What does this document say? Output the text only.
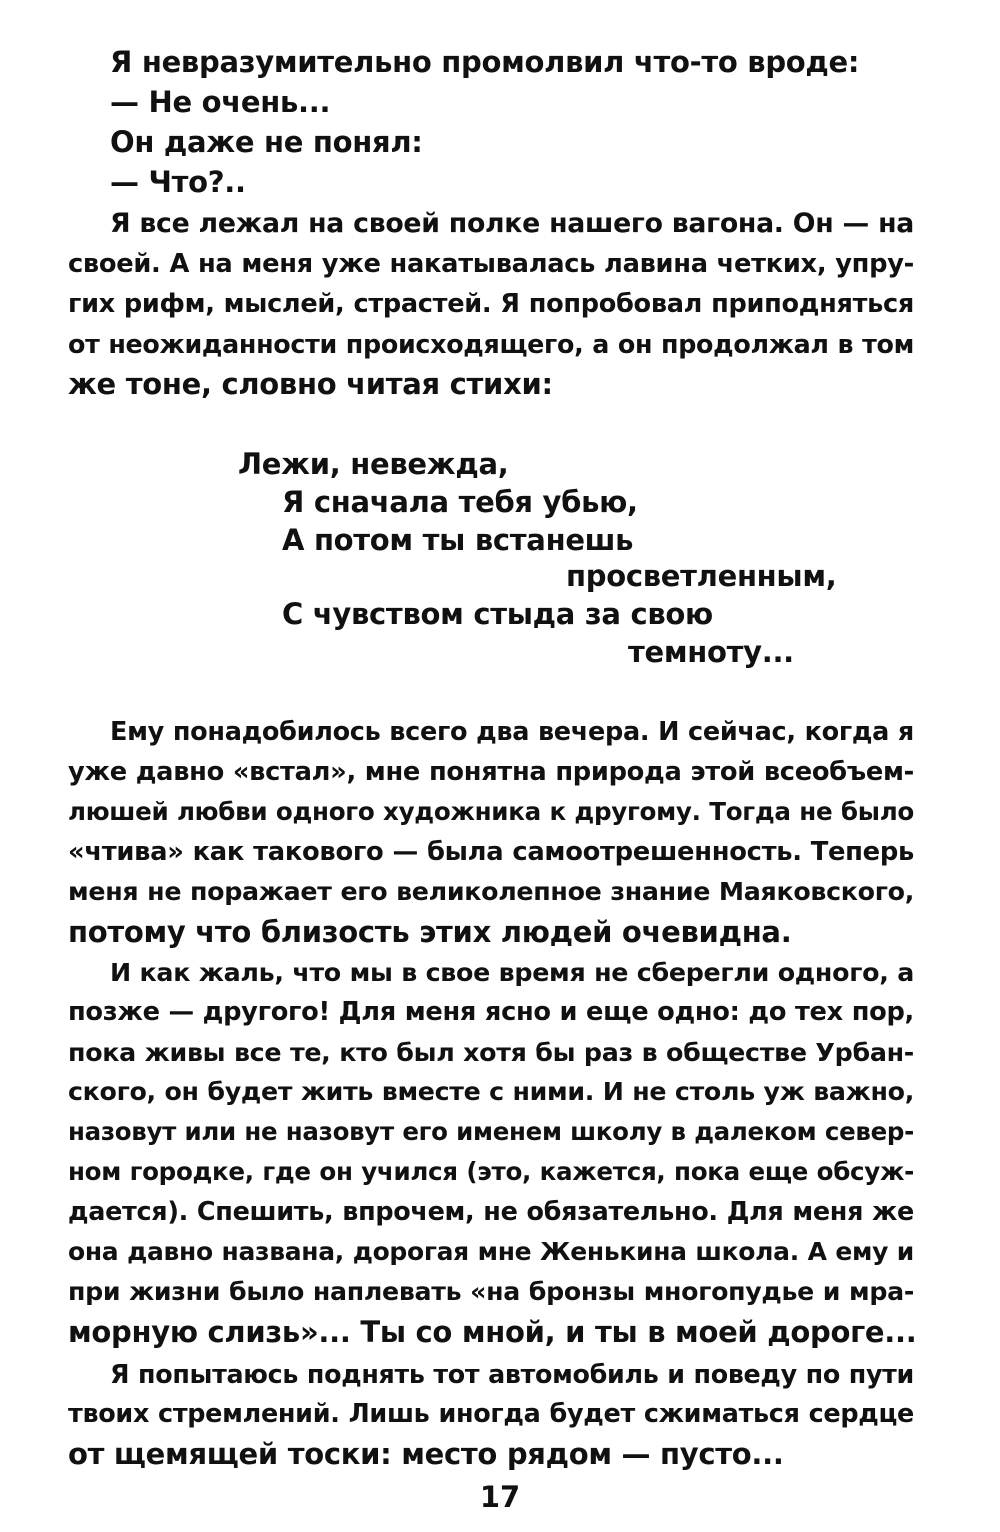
Я невразумительно промолвил что-то вроде:
— Не очень...
Он даже не понял:
— Что?..
Я все лежал на своей полке нашего вагона. Он — на
своей. А на меня уже накатывалась лавина четких, упру-
гих рифм, мыслей, страстей. Я попробовал приподняться
от неожиданности происходящего, а он продолжал в том
же тоне, словно читая стихи:
Лежи, невежда,
Я сначала тебя убью,
А потом ты встанешь
просветленным,
С чувством стыда за свою
темноту...
Ему понадобилось всего два вечера. И сейчас, когда я
уже давно «встал», мне понятна природа этой всеобъем-
люшей любви одного художника к другому. Тогда не было
«чтива» как такового — была самоотрешенность. Теперь
меня не поражает его великолепное знание Маяковского,
потому что близость этих людей очевидна.
И как жаль, что мы в свое время не сберегли одного, а
позже — другого! Для меня ясно и еще одно: до тех пор,
пока живы все те, кто был хотя бы раз в обществе Урбан-
ского, он будет жить вместе с ними. И не столь уж важно,
назовут или не назовут его именем школу в далеком север-
ном городке, где он учился (это, кажется, пока еще обсуж-
дается). Спешить, впрочем, не обязательно. Для меня же
она давно названа, дорогая мне Женькина школа. А ему и
при жизни было наплевать «на бронзы многопудье и мра-
морную слизь»... Ты со мной, и ты в моей дороге...
Я попытаюсь поднять тот автомобиль и поведу по пути
твоих стремлений. Лишь иногда будет сжиматься сердце
от щемящей тоски: место рядом — пусто...
17
